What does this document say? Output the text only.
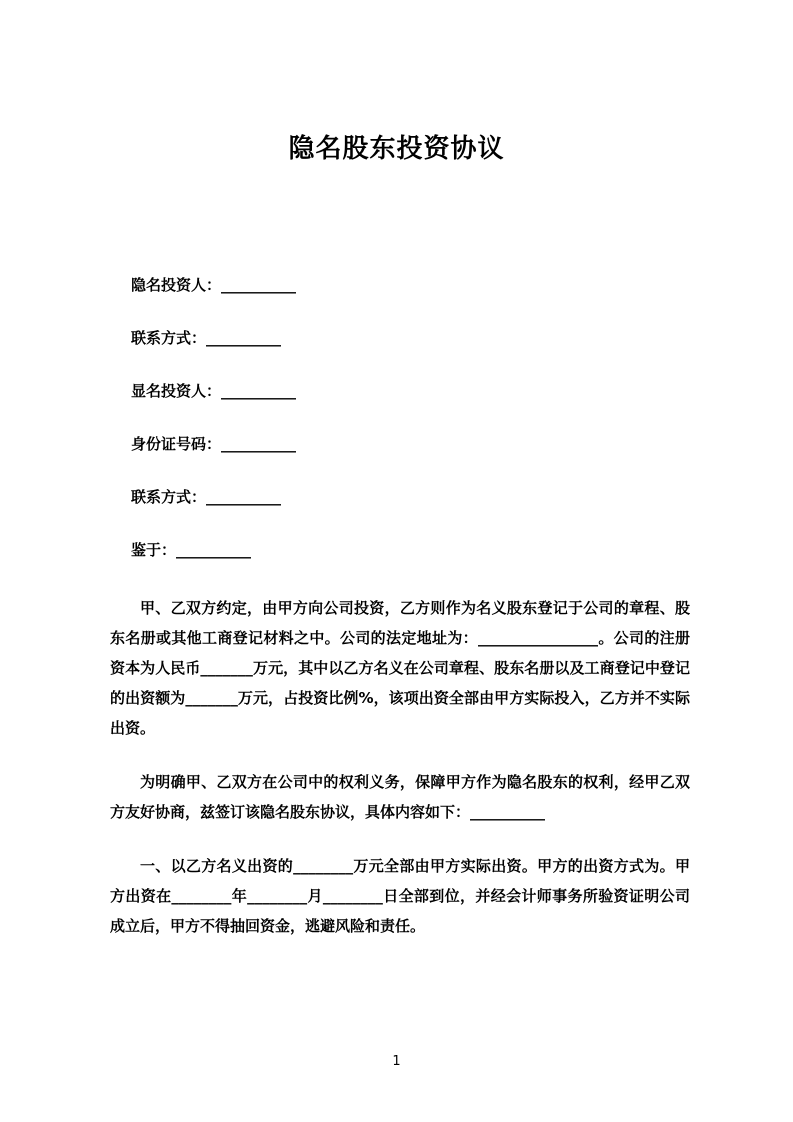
隐名股东投资协议

隐名投资人：__________

联系方式：__________

显名投资人：__________

身份证号码：__________

联系方式：__________

鉴于：__________

甲、乙双方约定，由甲方向公司投资，乙方则作为名义股东登记于公司的章程、股东名册或其他工商登记材料之中。公司的法定地址为：________________。公司的注册资本为人民币_______万元，其中以乙方名义在公司章程、股东名册以及工商登记中登记的出资额为_______万元，占投资比例%，该项出资全部由甲方实际投入，乙方并不实际出资。

为明确甲、乙双方在公司中的权利义务，保障甲方作为隐名股东的权利，经甲乙双方友好协商，兹签订该隐名股东协议，具体内容如下：__________

一、以乙方名义出资的________万元全部由甲方实际出资。甲方的出资方式为。甲方出资在________年________月________日全部到位，并经会计师事务所验资证明公司成立后，甲方不得抽回资金，逃避风险和责任。

1
